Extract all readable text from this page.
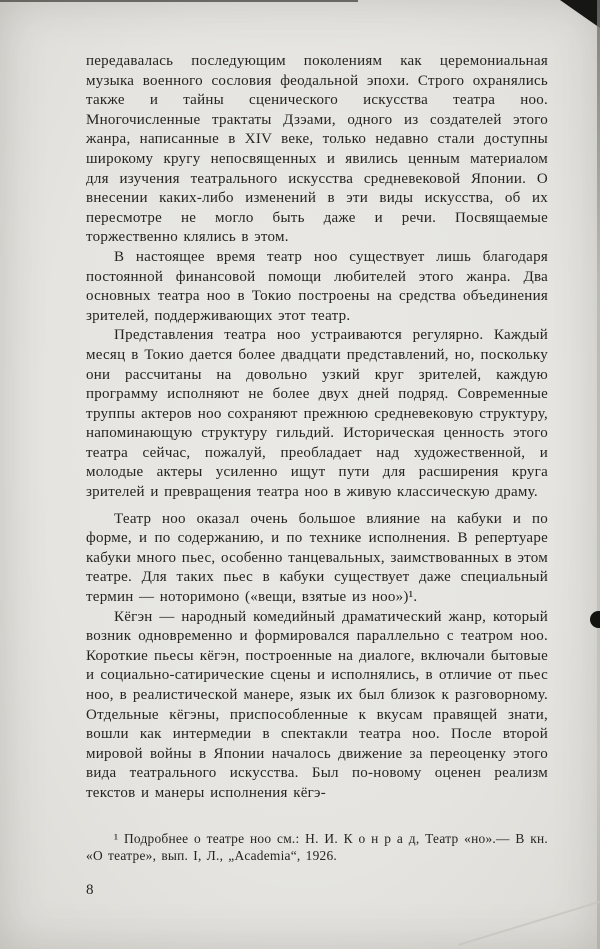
передавалась последующим поколениям как церемониальная музыка военного сословия феодальной эпохи. Строго охранялись также и тайны сценического искусства театра ноо. Многочисленные трактаты Дзэами, одного из создателей этого жанра, написанные в XIV веке, только недавно стали доступны широкому кругу непосвященных и явились ценным материалом для изучения театрального искусства средневековой Японии. О внесении каких-либо изменений в эти виды искусства, об их пересмотре не могло быть даже и речи. Посвящаемые торжественно клялись в этом.

В настоящее время театр ноо существует лишь благодаря постоянной финансовой помощи любителей этого жанра. Два основных театра ноо в Токио построены на средства объединения зрителей, поддерживающих этот театр.

Представления театра ноо устраиваются регулярно. Каждый месяц в Токио дается более двадцати представлений, но, поскольку они рассчитаны на довольно узкий круг зрителей, каждую программу исполняют не более двух дней подряд. Современные труппы актеров ноо сохраняют прежнюю средневековую структуру, напоминающую структуру гильдий. Историческая ценность этого театра сейчас, пожалуй, преобладает над художественной, и молодые актеры усиленно ищут пути для расширения круга зрителей и превращения театра ноо в живую классическую драму.

Театр ноо оказал очень большое влияние на кабуки и по форме, и по содержанию, и по технике исполнения. В репертуаре кабуки много пьес, особенно танцевальных, заимствованных в этом театре. Для таких пьес в кабуки существует даже специальный термин — ноторимоно («вещи, взятые из ноо»)¹.

Кёгэн — народный комедийный драматический жанр, который возник одновременно и формировался параллельно с театром ноо. Короткие пьесы кёгэн, построенные на диалоге, включали бытовые и социально-сатирические сцены и исполнялись, в отличие от пьес ноо, в реалистической манере, язык их был близок к разговорному. Отдельные кёгэны, приспособленные к вкусам правящей знати, вошли как интермедии в спектакли театра ноо. После второй мировой войны в Японии началось движение за переоценку этого вида театрального искусства. Был по-новому оценен реализм текстов и манеры исполнения кёгэ-

¹ Подробнее о театре ноо см.: Н. И. К о н р а д, Театр «но».— В кн. «О театре», вып. I, Л., „Academia“, 1926.
8
